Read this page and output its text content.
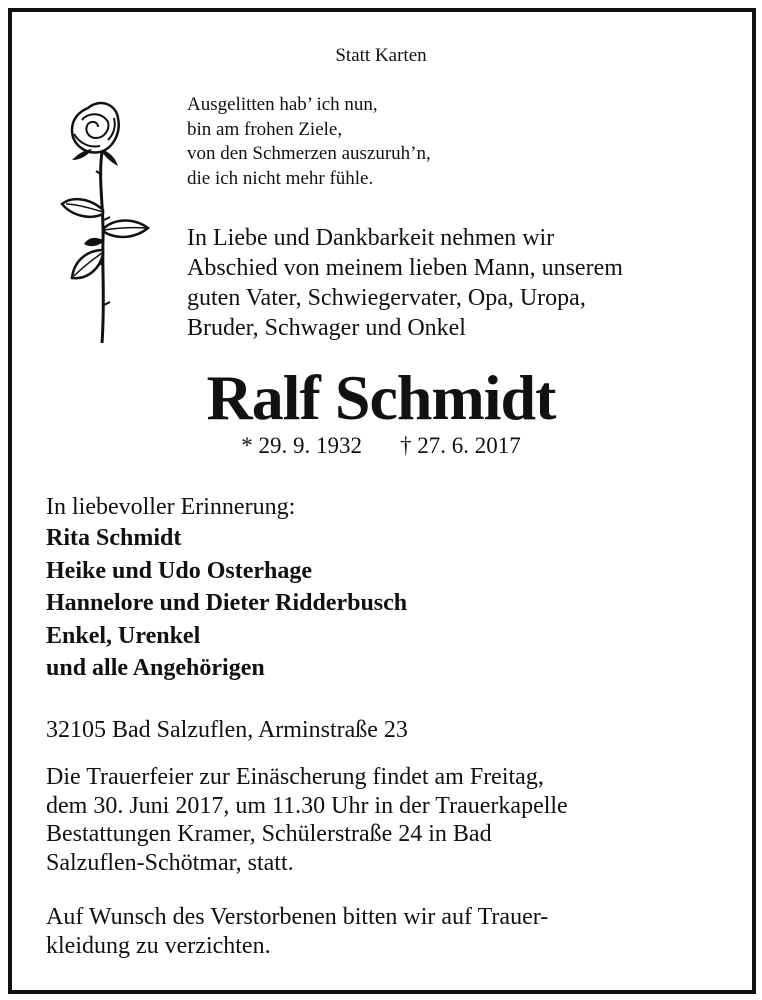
Statt Karten

Ausgelitten hab’ ich nun,
bin am frohen Ziele,
von den Schmerzen auszuruh’n,
die ich nicht mehr fühle.
In Liebe und Dankbarkeit nehmen wir
Abschied von meinem lieben Mann, unserem
guten Vater, Schwiegervater, Opa, Uropa,
Bruder, Schwager und Onkel
Ralf Schmidt
* 29. 9. 1932 † 27. 6. 2017

In liebevoller Erinnerung:

Rita Schmidt
Heike und Udo Osterhage
Hannelore und Dieter Ridderbusch
Enkel, Urenkel
und alle Angehörigen

32105 Bad Salzuflen, Arminstraße 23

Die Trauerfeier zur Einäscherung findet am Freitag,
dem 30. Juni 2017, um 11.30 Uhr in der Trauerkapelle
Bestattungen Kramer, Schülerstraße 24 in Bad
Salzuflen-Schötmar, statt.
Auf Wunsch des Verstorbenen bitten wir auf Trauer-
kleidung zu verzichten.
